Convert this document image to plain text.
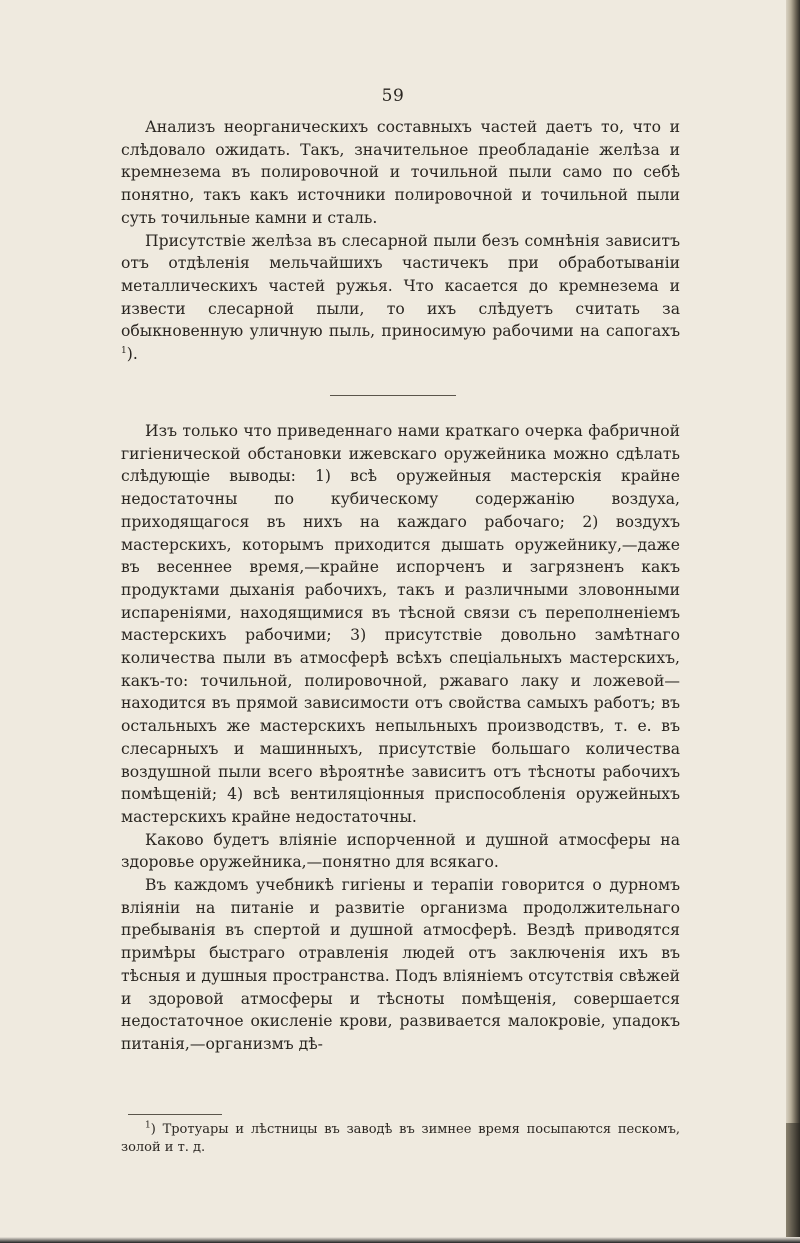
59

Анализъ неорганическихъ составныхъ частей даетъ то, что и слѣдовало ожидать. Такъ, значительное преобладаніе желѣза и кремнезема въ полировочной и точильной пыли само по себѣ понятно, такъ какъ источники полировочной и точильной пыли суть точильные камни и сталь.

Присутствіе желѣза въ слесарной пыли безъ сомнѣнія зависитъ отъ отдѣленія мельчайшихъ частичекъ при обработываніи металлическихъ частей ружья. Что касается до кремнезема и извести слесарной пыли, то ихъ слѣдуетъ считать за обыкновенную уличную пыль, приносимую рабочими на сапогахъ $^1$).

Изъ только что приведеннаго нами краткаго очерка фабричной гигіенической обстановки ижевскаго оружейника можно сдѣлать слѣдующіе выводы: 1) всѣ оружейныя мастерскія крайне недостаточны по кубическому содержанію воздуха, приходящагося въ нихъ на каждаго рабочаго; 2) воздухъ мастерскихъ, которымъ приходится дышать оружейнику,—даже въ весеннее время,—крайне испорченъ и загрязненъ какъ продуктами дыханія рабочихъ, такъ и различными зловонными испареніями, находящимися въ тѣсной связи съ переполненіемъ мастерскихъ рабочими; 3) присутствіе довольно замѣтнаго количества пыли въ атмосферѣ всѣхъ спеціальныхъ мастерскихъ, какъ-то: точильной, полировочной, ржаваго лаку и ложевой—находится въ прямой зависимости отъ свойства самыхъ работъ; въ остальныхъ же мастерскихъ непыльныхъ производствъ, т. е. въ слесарныхъ и машинныхъ, присутствіе большаго количества воздушной пыли всего вѣроятнѣе зависитъ отъ тѣсноты рабочихъ помѣщеній; 4) всѣ вентиляціонныя приспособленія оружейныхъ мастерскихъ крайне недостаточны.

Каково будетъ вліяніе испорченной и душной атмосферы на здоровье оружейника,—понятно для всякаго.

Въ каждомъ учебникѣ гигіены и терапіи говорится о дурномъ вліяніи на питаніе и развитіе организма продолжительнаго пребыванія въ спертой и душной атмосферѣ. Вездѣ приводятся примѣры быстраго отравленія людей отъ заключенія ихъ въ тѣсныя и душныя пространства. Подъ вліяніемъ отсутствія свѣжей и здоровой атмосферы и тѣсноты помѣщенія, совершается недостаточное окисленіе крови, развивается малокровіе, упадокъ питанія,—организмъ дѣ-

$^1$) Тротуары и лѣстницы въ заводѣ въ зимнее время посыпаются пескомъ, золой и т. д.
